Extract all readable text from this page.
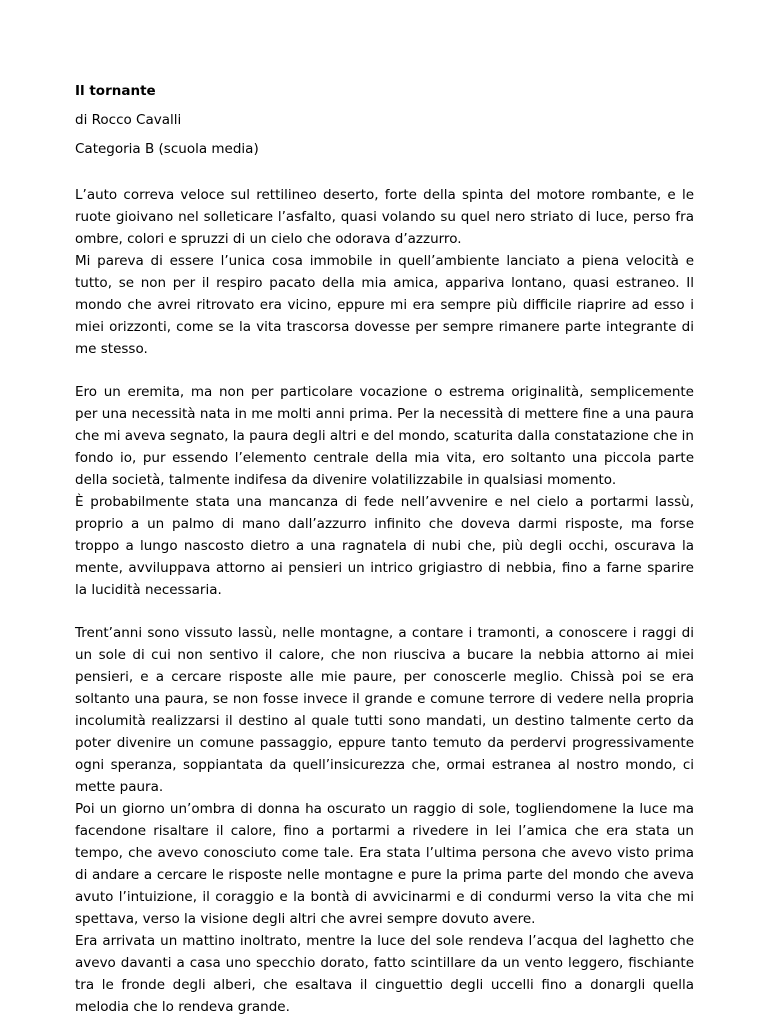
Il tornante

di Rocco Cavalli

Categoria B (scuola media)

L’auto correva veloce sul rettilineo deserto, forte della spinta del motore rombante, e le ruote gioivano nel solleticare l’asfalto, quasi volando su quel nero striato di luce, perso fra ombre, colori e spruzzi di un cielo che odorava d’azzurro.

Mi pareva di essere l’unica cosa immobile in quell’ambiente lanciato a piena velocità e tutto, se non per il respiro pacato della mia amica, appariva lontano, quasi estraneo. Il mondo che avrei ritrovato era vicino, eppure mi era sempre più difficile riaprire ad esso i miei orizzonti, come se la vita trascorsa dovesse per sempre rimanere parte integrante di me stesso.

Ero un eremita, ma non per particolare vocazione o estrema originalità, semplicemente per una necessità nata in me molti anni prima. Per la necessità di mettere fine a una paura che mi aveva segnato, la paura degli altri e del mondo, scaturita dalla constatazione che in fondo io, pur essendo l’elemento centrale della mia vita, ero soltanto una piccola parte della società, talmente indifesa da divenire volatilizzabile in qualsiasi momento.

È probabilmente stata una mancanza di fede nell’avvenire e nel cielo a portarmi lassù, proprio a un palmo di mano dall’azzurro infinito che doveva darmi risposte, ma forse troppo a lungo nascosto dietro a una ragnatela di nubi che, più degli occhi, oscurava la mente, avviluppava attorno ai pensieri un intrico grigiastro di nebbia, fino a farne sparire la lucidità necessaria.

Trent’anni sono vissuto lassù, nelle montagne, a contare i tramonti, a conoscere i raggi di un sole di cui non sentivo il calore, che non riusciva a bucare la nebbia attorno ai miei pensieri, e a cercare risposte alle mie paure, per conoscerle meglio. Chissà poi se era soltanto una paura, se non fosse invece il grande e comune terrore di vedere nella propria incolumità realizzarsi il destino al quale tutti sono mandati, un destino talmente certo da poter divenire un comune passaggio, eppure tanto temuto da perdervi progressivamente ogni speranza, soppiantata da quell’insicurezza che, ormai estranea al nostro mondo, ci mette paura.

Poi un giorno un’ombra di donna ha oscurato un raggio di sole, togliendomene la luce ma facendone risaltare il calore, fino a portarmi a rivedere in lei l’amica che era stata un tempo, che avevo conosciuto come tale. Era stata l’ultima persona che avevo visto prima di andare a cercare le risposte nelle montagne e pure la prima parte del mondo che aveva avuto l’intuizione, il coraggio e la bontà di avvicinarmi e di condurmi verso la vita che mi spettava, verso la visione degli altri che avrei sempre dovuto avere.

Era arrivata un mattino inoltrato, mentre la luce del sole rendeva l’acqua del laghetto che avevo davanti a casa uno specchio dorato, fatto scintillare da un vento leggero, fischiante tra le fronde degli alberi, che esaltava il cinguettio degli uccelli fino a donargli quella melodia che lo rendeva grande.
